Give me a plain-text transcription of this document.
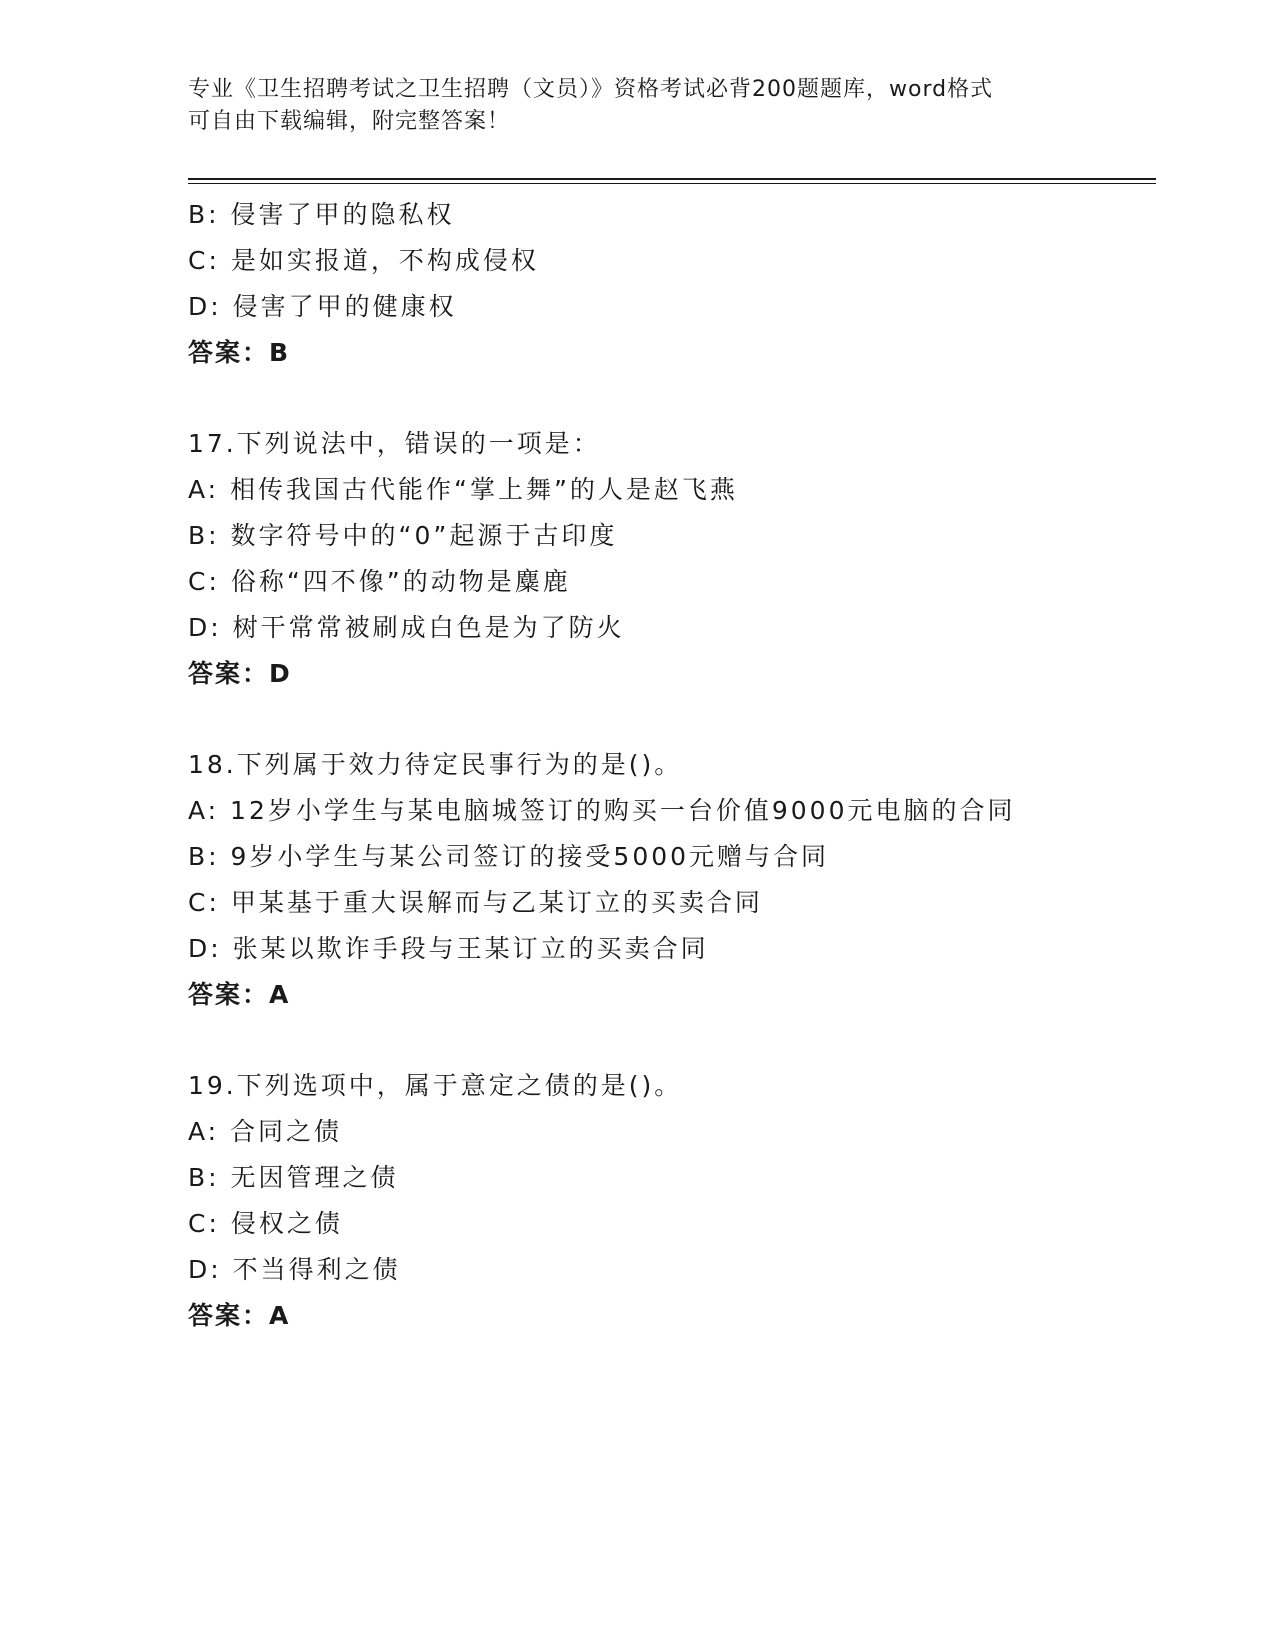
专业《卫生招聘考试之卫生招聘（文员）》资格考试必背200题题库，word格式
可自由下载编辑，附完整答案！
B: 侵害了甲的隐私权
C: 是如实报道，不构成侵权
D: 侵害了甲的健康权
答案：B
17.下列说法中，错误的一项是：
A: 相传我国古代能作“掌上舞”的人是赵飞燕
B: 数字符号中的“0”起源于古印度
C: 俗称“四不像”的动物是麋鹿
D: 树干常常被刷成白色是为了防火
答案：D
18.下列属于效力待定民事行为的是()。
A: 12岁小学生与某电脑城签订的购买一台价值9000元电脑的合同
B: 9岁小学生与某公司签订的接受5000元赠与合同
C: 甲某基于重大误解而与乙某订立的买卖合同
D: 张某以欺诈手段与王某订立的买卖合同
答案：A
19.下列选项中，属于意定之债的是()。
A: 合同之债
B: 无因管理之债
C: 侵权之债
D: 不当得利之债
答案：A
